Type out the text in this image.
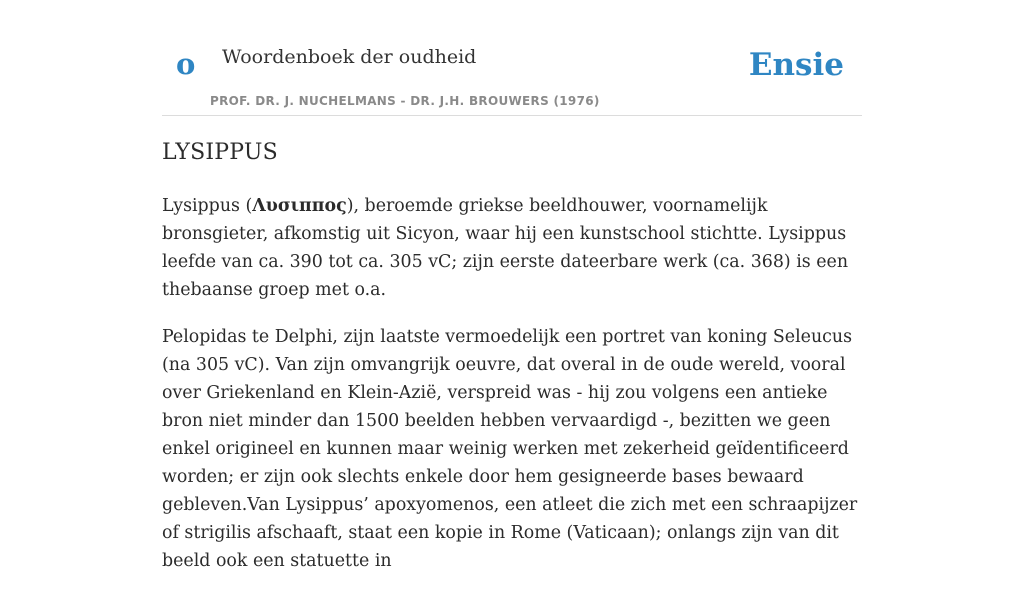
o Woordenboek der oudheid
PROF. DR. J. NUCHELMANS - DR. J.H. BROUWERS (1976)
Ensie
LYSIPPUS

Lysippus (Λυσιππος), beroemde griekse beeldhouwer, voornamelijk bronsgieter, afkomstig uit Sicyon, waar hij een kunstschool stichtte. Lysippus leefde van ca. 390 tot ca. 305 vC; zijn eerste dateerbare werk (ca. 368) is een thebaanse groep met o.a.

Pelopidas te Delphi, zijn laatste vermoedelijk een portret van koning Seleucus (na 305 vC). Van zijn omvangrijk oeuvre, dat overal in de oude wereld, vooral over Griekenland en Klein-Azië, verspreid was - hij zou volgens een antieke bron niet minder dan 1500 beelden hebben vervaardigd -, bezitten we geen enkel origineel en kunnen maar weinig werken met zekerheid geïdentificeerd worden; er zijn ook slechts enkele door hem gesigneerde bases bewaard gebleven.Van Lysippus’ apoxyomenos, een atleet die zich met een schraapijzer of strigilis afschaaft, staat een kopie in Rome (Vaticaan); onlangs zijn van dit beeld ook een statuette in
